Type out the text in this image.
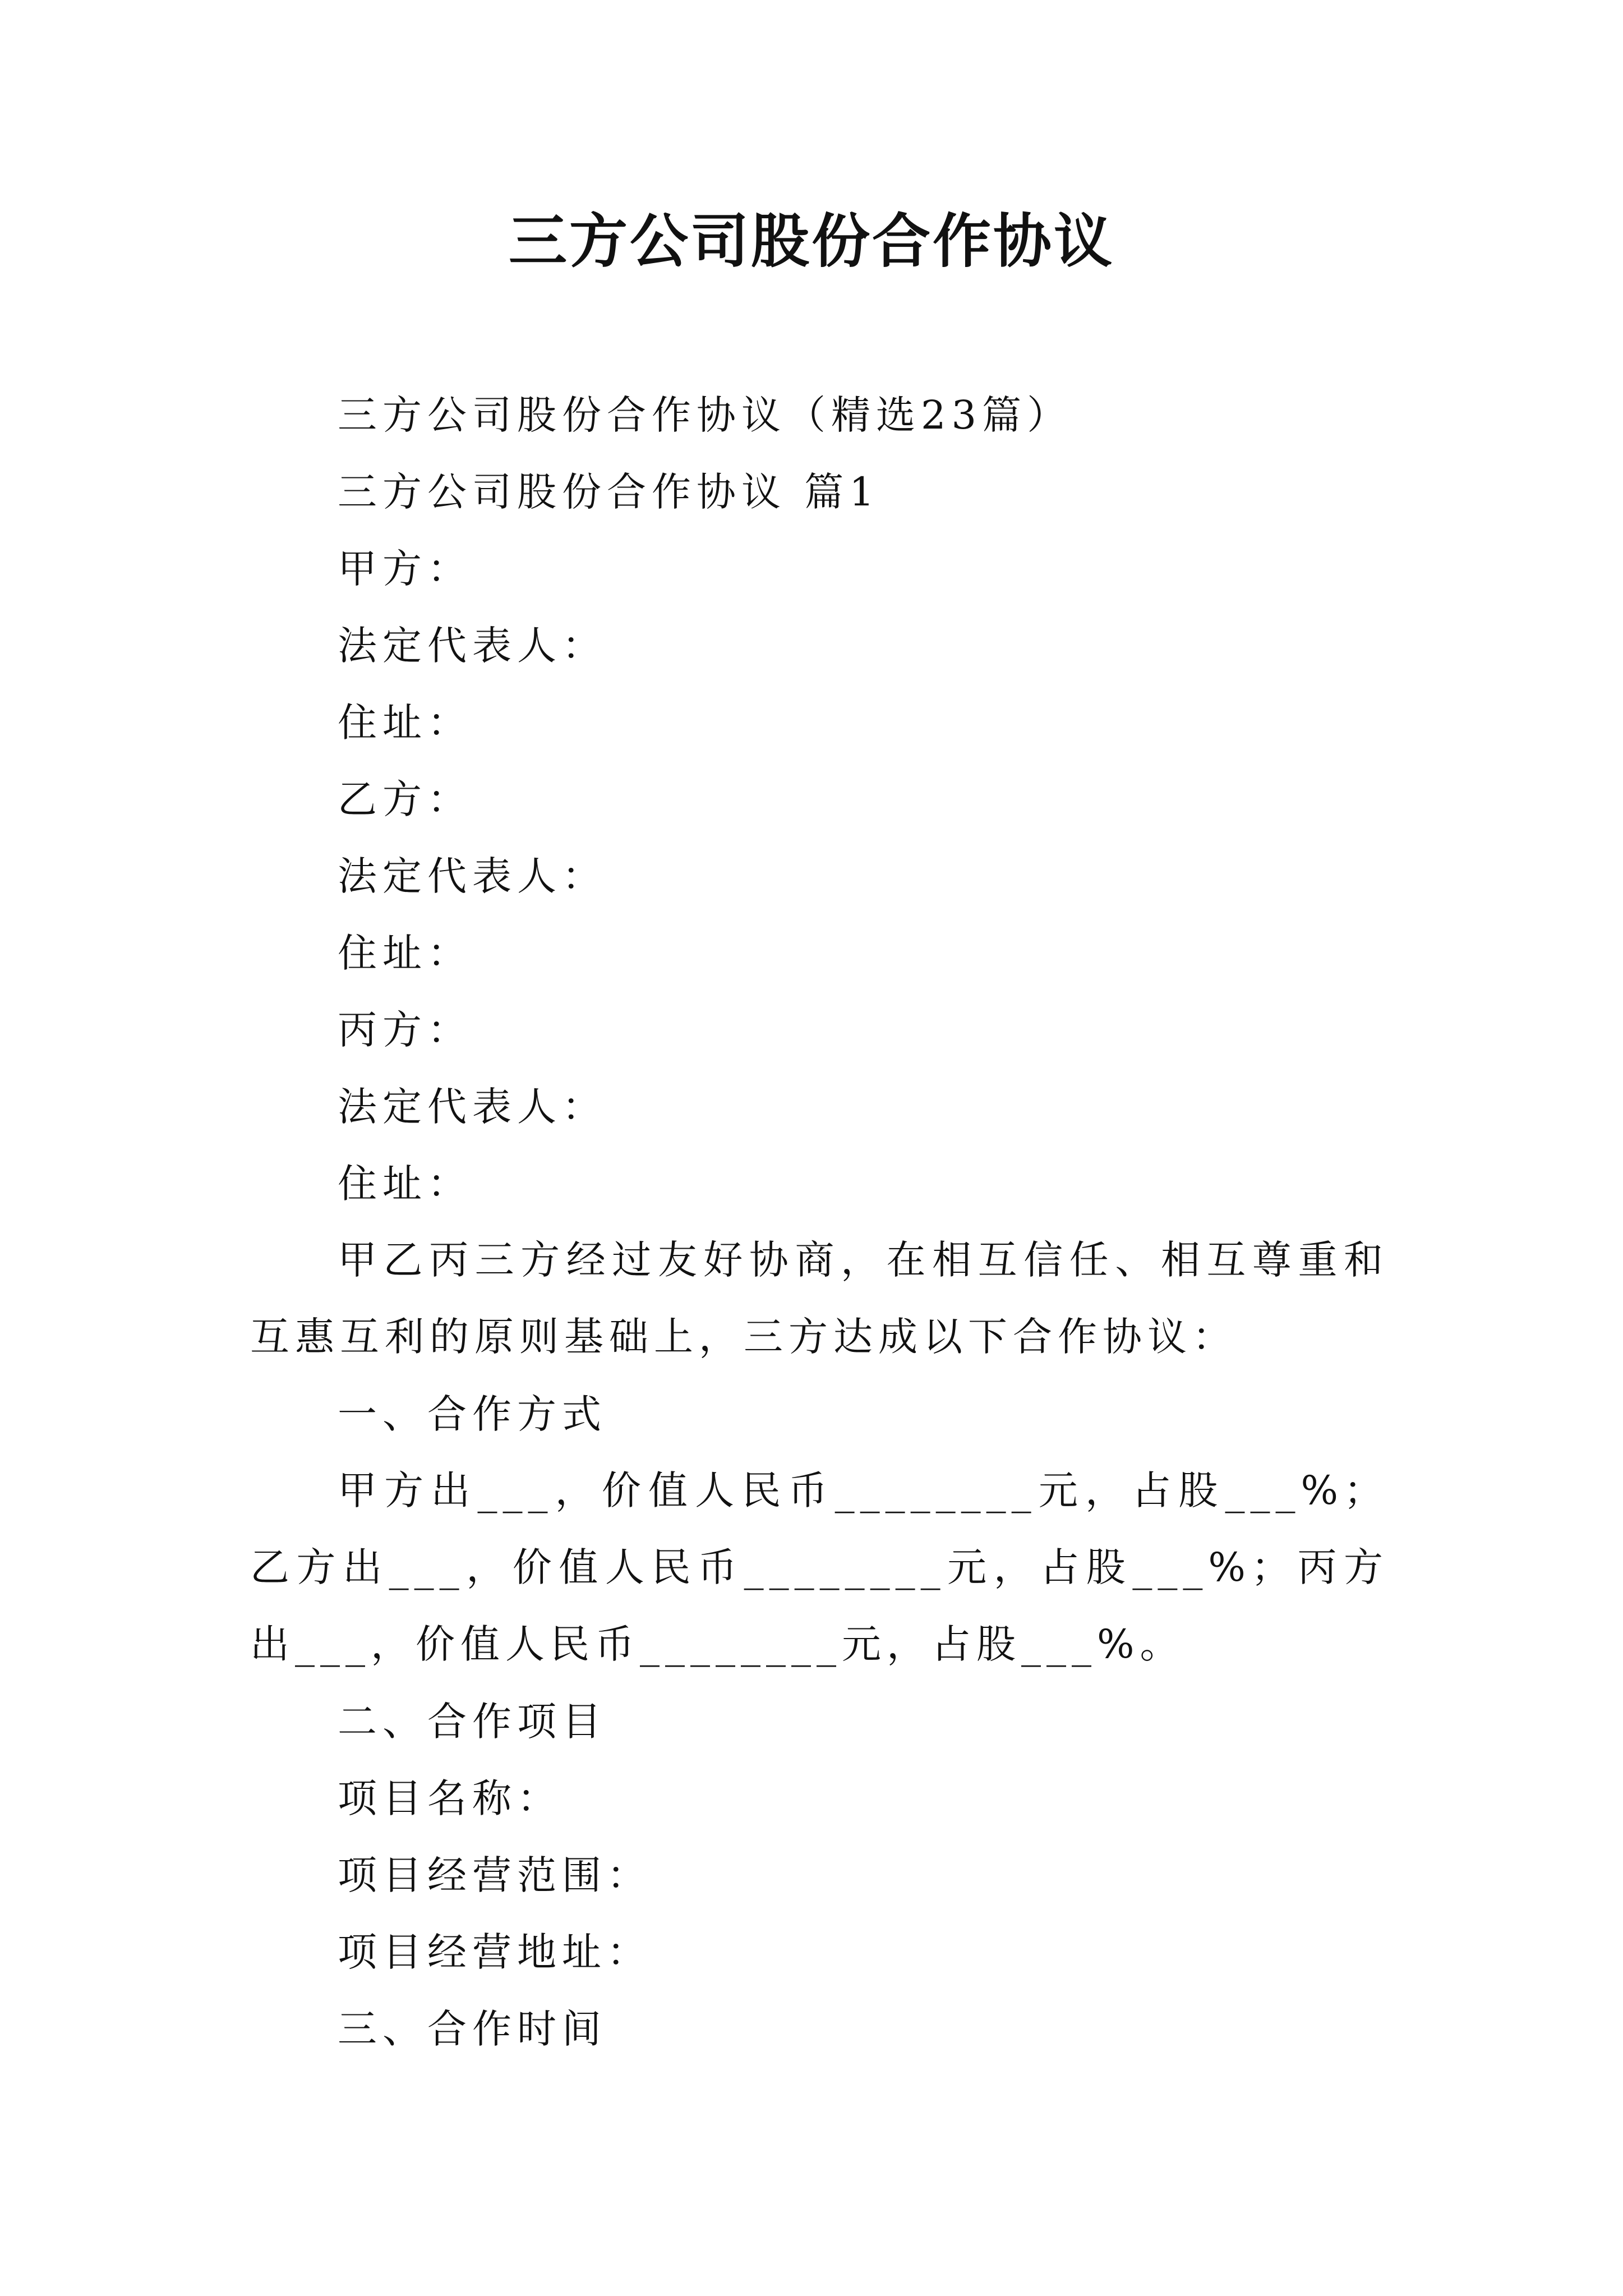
三方公司股份合作协议
三方公司股份合作协议（精选23篇）
三方公司股份合作协议 篇1
甲方：
法定代表人：
住址：
乙方：
法定代表人：
住址：
丙方：
法定代表人：
住址：
甲乙丙三方经过友好协商，在相互信任、相互尊重和互惠互利的原则基础上，三方达成以下合作协议：
一、合作方式
甲方出___，价值人民币________元，占股___%；乙方出___，价值人民币________元，占股___%；丙方出___，价值人民币________元，占股___%。
二、合作项目
项目名称：
项目经营范围：
项目经营地址：
三、合作时间
